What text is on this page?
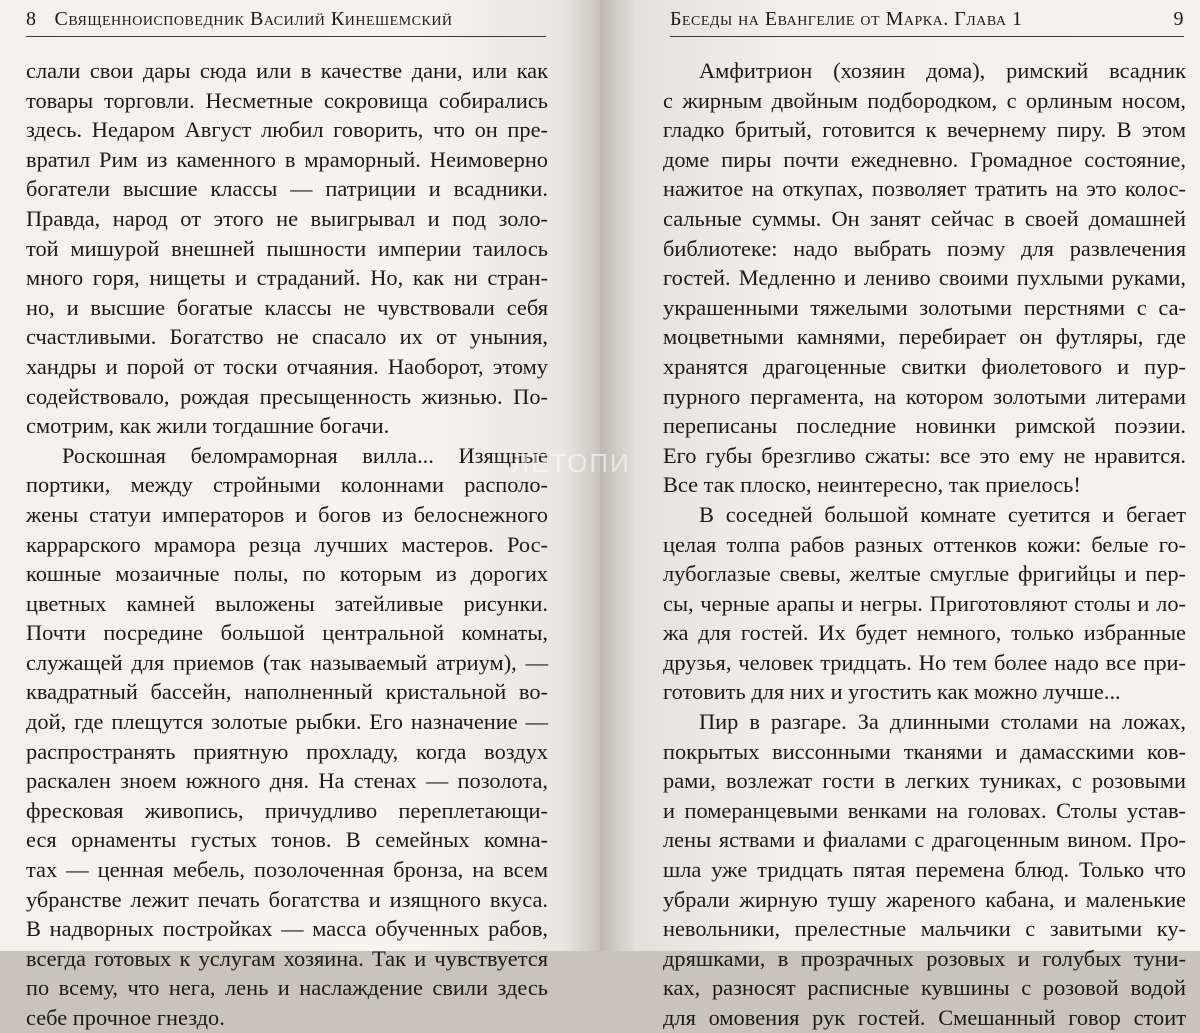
8 Священноисповедник Василий Кинешемский
слали свои дары сюда или в качестве дани, или как
товары торговли. Несметные сокровища собирались
здесь. Недаром Август любил говорить, что он пре-
вратил Рим из каменного в мраморный. Неимоверно
богатели высшие классы — патриции и всадники.
Правда, народ от этого не выигрывал и под золо-
той мишурой внешней пышности империи таилось
много горя, нищеты и страданий. Но, как ни стран-
но, и высшие богатые классы не чувствовали себя
счастливыми. Богатство не спасало их от уныния,
хандры и порой от тоски отчаяния. Наоборот, этому
содействовало, рождая пресыщенность жизнью. По-
смотрим, как жили тогдашние богачи.
Роскошная беломраморная вилла... Изящные
портики, между стройными колоннами располо-
жены статуи императоров и богов из белоснежного
каррарского мрамора резца лучших мастеров. Рос-
кошные мозаичные полы, по которым из дорогих
цветных камней выложены затейливые рисунки.
Почти посредине большой центральной комнаты,
служащей для приемов (так называемый атриум), —
квадратный бассейн, наполненный кристальной во-
дой, где плещутся золотые рыбки. Его назначение —
распространять приятную прохладу, когда воздух
раскален зноем южного дня. На стенах — позолота,
фресковая живопись, причудливо переплетающи-
еся орнаменты густых тонов. В семейных комна-
тах — ценная мебель, позолоченная бронза, на всем
убранстве лежит печать богатства и изящного вкуса.
В надворных постройках — масса обученных рабов,
всегда готовых к услугам хозяина. Так и чувствуется
по всему, что нега, лень и наслаждение свили здесь
себе прочное гнездо.
Беседы на Евангелие от Марка. Глава 1	9
Амфитрион (хозяин дома), римский всадник
с жирным двойным подбородком, с орлиным носом,
гладко бритый, готовится к вечернему пиру. В этом
доме пиры почти ежедневно. Громадное состояние,
нажитое на откупах, позволяет тратить на это колос-
сальные суммы. Он занят сейчас в своей домашней
библиотеке: надо выбрать поэму для развлечения
гостей. Медленно и лениво своими пухлыми руками,
украшенными тяжелыми золотыми перстнями с са-
моцветными камнями, перебирает он футляры, где
хранятся драгоценные свитки фиолетового и пур-
пурного пергамента, на котором золотыми литерами
переписаны последние новинки римской поэзии.
Его губы брезгливо сжаты: все это ему не нравится.
Все так плоско, неинтересно, так приелось!
В соседней большой комнате суетится и бегает
целая толпа рабов разных оттенков кожи: белые го-
лубоглазые свевы, желтые смуглые фригийцы и пер-
сы, черные арапы и негры. Приготовляют столы и ло-
жа для гостей. Их будет немного, только избранные
друзья, человек тридцать. Но тем более надо все при-
готовить для них и угостить как можно лучше...
Пир в разгаре. За длинными столами на ложах,
покрытых виссонными тканями и дамасскими ков-
рами, возлежат гости в легких туниках, с розовыми
и померанцевыми венками на головах. Столы устав-
лены яствами и фиалами с драгоценным вином. Про-
шла уже тридцать пятая перемена блюд. Только что
убрали жирную тушу жареного кабана, и маленькие
невольники, прелестные мальчики с завитыми ку-
дряшками, в прозрачных розовых и голубых туни-
ках, разносят расписные кувшины с розовой водой
для омовения рук гостей. Смешанный говор стоит
ЛЕТОПИ
